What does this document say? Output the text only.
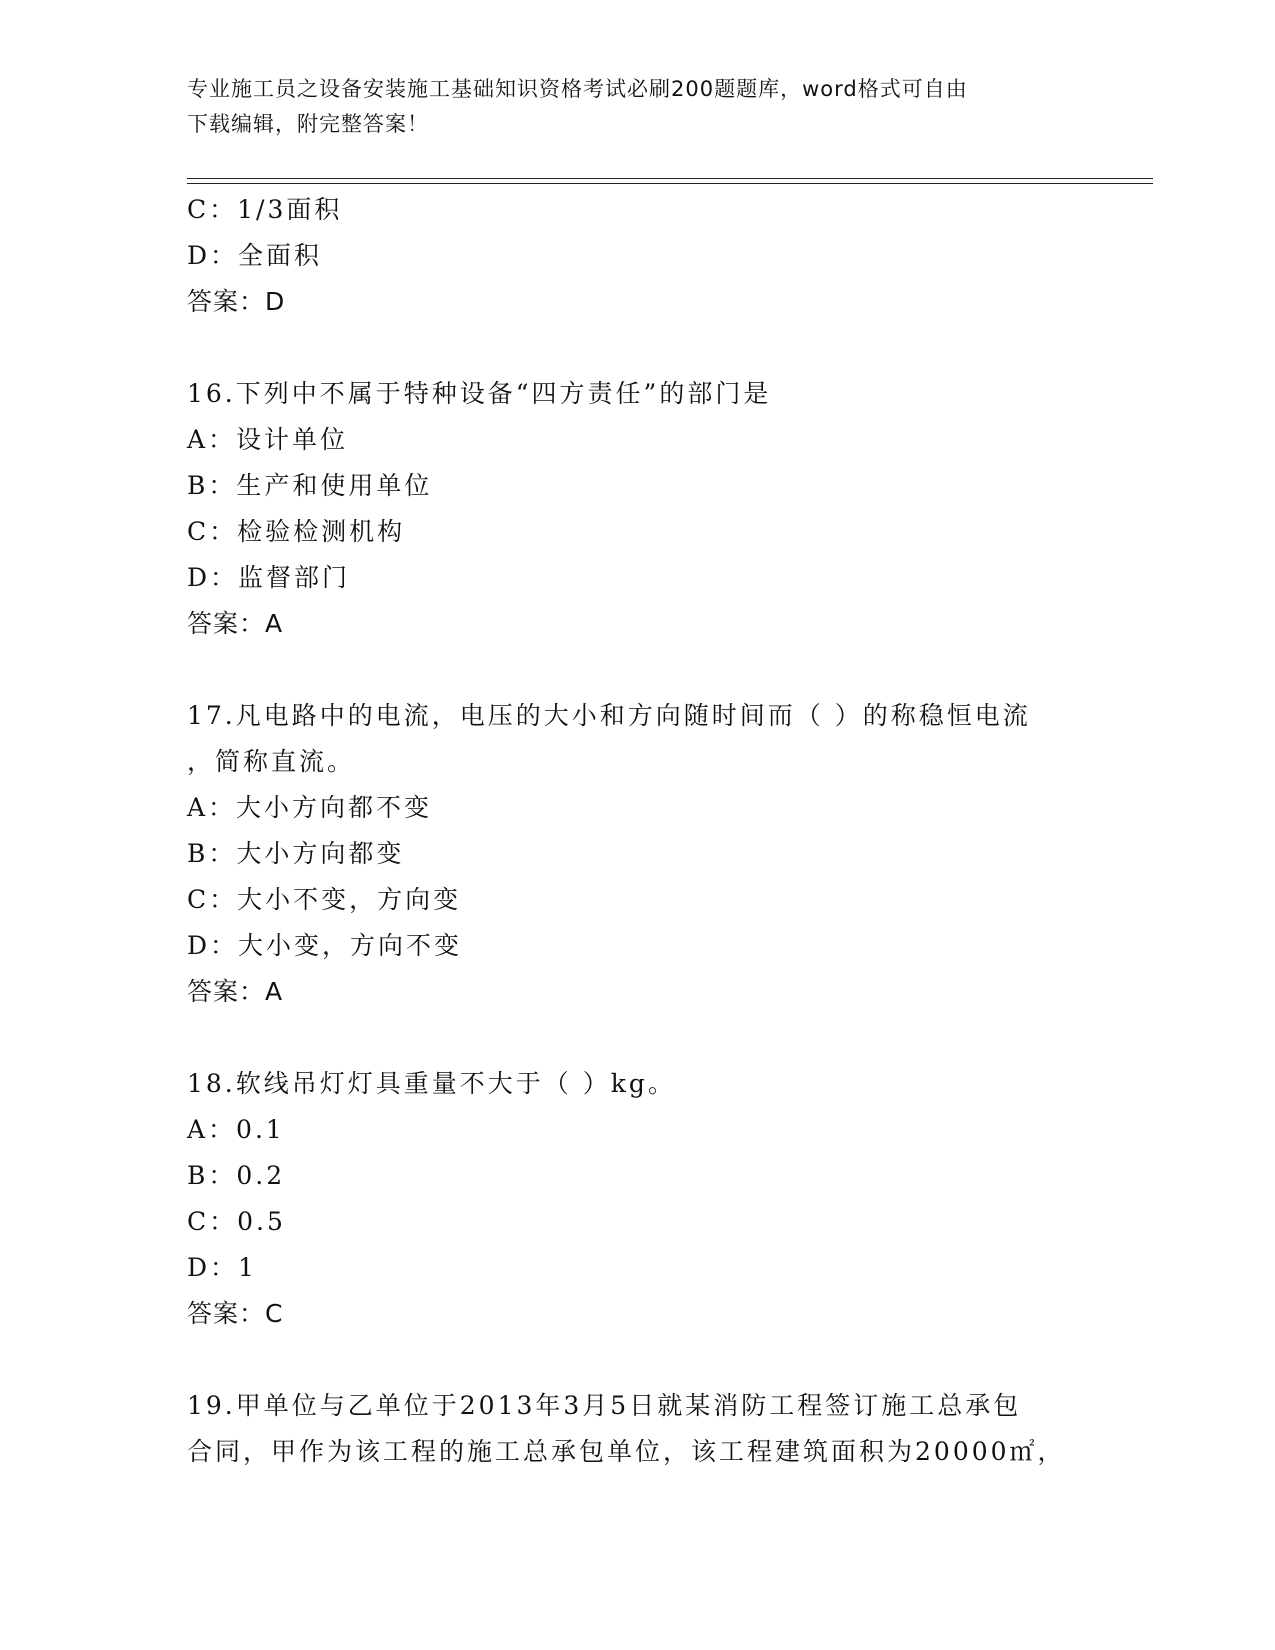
专业施工员之设备安装施工基础知识资格考试必刷200题题库，word格式可自由
下载编辑，附完整答案！
C：1/3面积
D：全面积
答案：D
16.下列中不属于特种设备“四方责任”的部门是
A：设计单位
B：生产和使用单位
C：检验检测机构
D：监督部门
答案：A
17.凡电路中的电流，电压的大小和方向随时间而（ ）的称稳恒电流
，简称直流。
A：大小方向都不变
B：大小方向都变
C：大小不变，方向变
D：大小变，方向不变
答案：A
18.软线吊灯灯具重量不大于（ ）kg。
A：0.1
B：0.2
C：0.5
D：1
答案：C
19.甲单位与乙单位于2013年3月5日就某消防工程签订施工总承包
合同，甲作为该工程的施工总承包单位，该工程建筑面积为20000㎡，
